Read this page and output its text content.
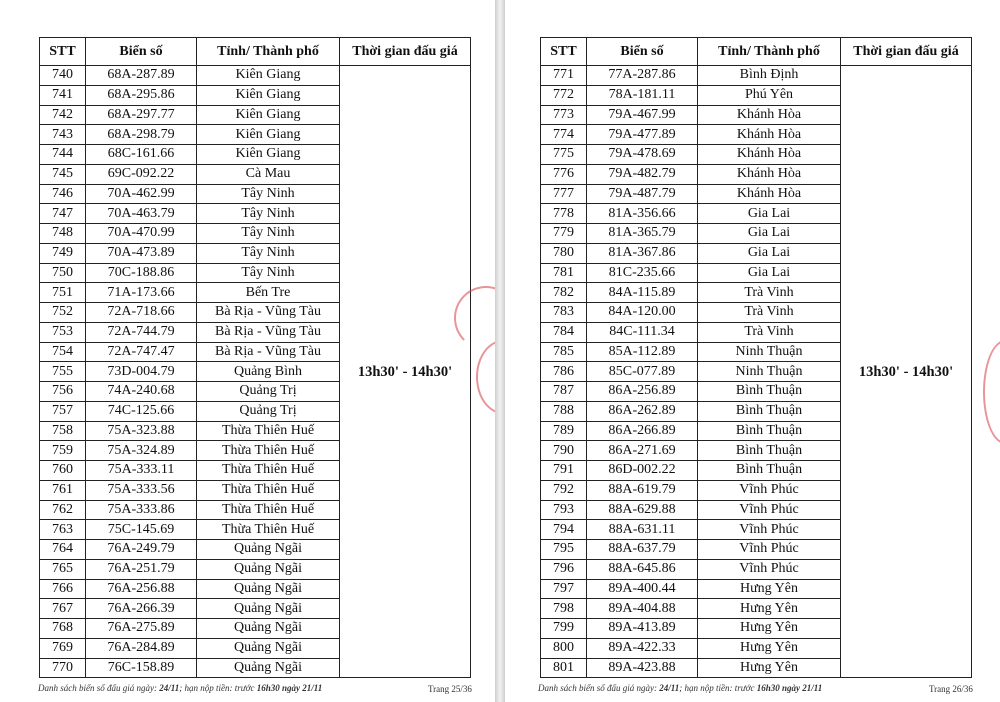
STT	Biển số	Tỉnh/ Thành phố	Thời gian đấu giá
740	68A-287.89	Kiên Giang	13h30' - 14h30'
741	68A-295.86	Kiên Giang	
742	68A-297.77	Kiên Giang	
743	68A-298.79	Kiên Giang	
744	68C-161.66	Kiên Giang	
745	69C-092.22	Cà Mau	
746	70A-462.99	Tây Ninh	
747	70A-463.79	Tây Ninh	
748	70A-470.99	Tây Ninh	
749	70A-473.89	Tây Ninh	
750	70C-188.86	Tây Ninh	
751	71A-173.66	Bến Tre	
752	72A-718.66	Bà Rịa - Vũng Tàu	
753	72A-744.79	Bà Rịa - Vũng Tàu	
754	72A-747.47	Bà Rịa - Vũng Tàu	
755	73D-004.79	Quảng Bình	
756	74A-240.68	Quảng Trị	
757	74C-125.66	Quảng Trị	
758	75A-323.88	Thừa Thiên Huế	
759	75A-324.89	Thừa Thiên Huế	
760	75A-333.11	Thừa Thiên Huế	
761	75A-333.56	Thừa Thiên Huế	
762	75A-333.86	Thừa Thiên Huế	
763	75C-145.69	Thừa Thiên Huế	
764	76A-249.79	Quảng Ngãi	
765	76A-251.79	Quảng Ngãi	
766	76A-256.88	Quảng Ngãi	
767	76A-266.39	Quảng Ngãi	
768	76A-275.89	Quảng Ngãi	
769	76A-284.89	Quảng Ngãi	
770	76C-158.89	Quảng Ngãi	
Danh sách biển số đấu giá ngày: 24/11; hạn nộp tiền: trước 16h30 ngày 21/11	Trang 25/36
STT	Biển số	Tỉnh/ Thành phố	Thời gian đấu giá
771	77A-287.86	Bình Định	13h30' - 14h30'
772	78A-181.11	Phú Yên	
773	79A-467.99	Khánh Hòa	
774	79A-477.89	Khánh Hòa	
775	79A-478.69	Khánh Hòa	
776	79A-482.79	Khánh Hòa	
777	79A-487.79	Khánh Hòa	
778	81A-356.66	Gia Lai	
779	81A-365.79	Gia Lai	
780	81A-367.86	Gia Lai	
781	81C-235.66	Gia Lai	
782	84A-115.89	Trà Vinh	
783	84A-120.00	Trà Vinh	
784	84C-111.34	Trà Vinh	
785	85A-112.89	Ninh Thuận	
786	85C-077.89	Ninh Thuận	
787	86A-256.89	Bình Thuận	
788	86A-262.89	Bình Thuận	
789	86A-266.89	Bình Thuận	
790	86A-271.69	Bình Thuận	
791	86D-002.22	Bình Thuận	
792	88A-619.79	Vĩnh Phúc	
793	88A-629.88	Vĩnh Phúc	
794	88A-631.11	Vĩnh Phúc	
795	88A-637.79	Vĩnh Phúc	
796	88A-645.86	Vĩnh Phúc	
797	89A-400.44	Hưng Yên	
798	89A-404.88	Hưng Yên	
799	89A-413.89	Hưng Yên	
800	89A-422.33	Hưng Yên	
801	89A-423.88	Hưng Yên	
Danh sách biển số đấu giá ngày: 24/11; hạn nộp tiền: trước 16h30 ngày 21/11	Trang 26/36
